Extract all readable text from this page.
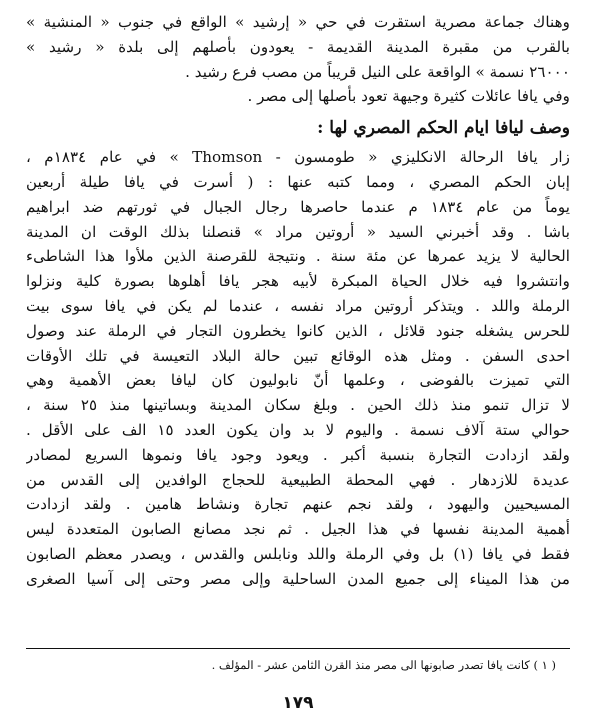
وهناك جماعة مصرية استقرت في حي « إرشيد » الواقع في جنوب « المنشية »
بالقرب من مقبرة المدينة القديمة - يعودون بأصلهم إلى بلدة « رشيد »
٢٦٠٠٠ نسمة » الواقعة على النيل قريباً من مصب فرع رشيد .
وفي يافا عائلات كثيرة وجيهة تعود بأصلها إلى مصر .
وصف ليافا ايام الحكم المصري لها :
زار يافا الرحالة الانكليزي « طومسون - Thomson » في عام ١٨٣٤م ،
إبان الحكم المصري ، ومما كتبه عنها : ( أسرت في يافا طيلة أربعين
يوماً من عام ١٨٣٤ م عندما حاصرها رجال الجبال في ثورتهم ضد ابراهيم
باشا . وقد أخبرني السيد « أروتين مراد » قنصلنا بذلك الوقت ان المدينة
الحالية لا يزيد عمرها عن مئة سنة . ونتيجة للقرصنة الذين ملأوا هذا الشاطىء
وانتشروا فيه خلال الحياة المبكرة لأبيه هجر يافا أهلوها بصورة كلية ونزلوا
الرملة واللد . ويتذكر أروتين مراد نفسه ، عندما لم يكن في يافا سوى بيت
للحرس يشغله جنود قلائل ، الذين كانوا يخطرون التجار في الرملة عند وصول
احدى السفن . ومثل هذه الوقائع تبين حالة البلاد التعيسة في تلك الأوقات
التي تميزت بالفوضى ، وعلمها أنّ نابوليون كان ليافا بعض الأهمية وهي
لا تزال تنمو منذ ذلك الحين . وبلغ سكان المدينة وبساتينها منذ ٢٥ سنة ،
حوالي ستة آلاف نسمة . واليوم لا بد وان يكون العدد ١٥ الف على الأقل .
ولقد ازدادت التجارة بنسبة أكبر . ويعود وجود يافا ونموها السريع لمصادر
عديدة للازدهار . فهي المحطة الطبيعية للحجاج الوافدين إلى القدس من
المسيحيين واليهود ، ولقد نجم عنهم تجارة ونشاط هامين . ولقد ازدادت
أهمية المدينة نفسها في هذا الجيل . ثم نجد مصانع الصابون المتعددة ليس
فقط في يافا (١) بل وفي الرملة واللد ونابلس والقدس ، ويصدر معظم الصابون
من هذا الميناء إلى جميع المدن الساحلية وإلى مصر وحتى إلى آسيا الصغرى
( ١ ) كانت يافا تصدر صابونها الى مصر منذ القرن الثامن عشر - المؤلف .
١٧٩
